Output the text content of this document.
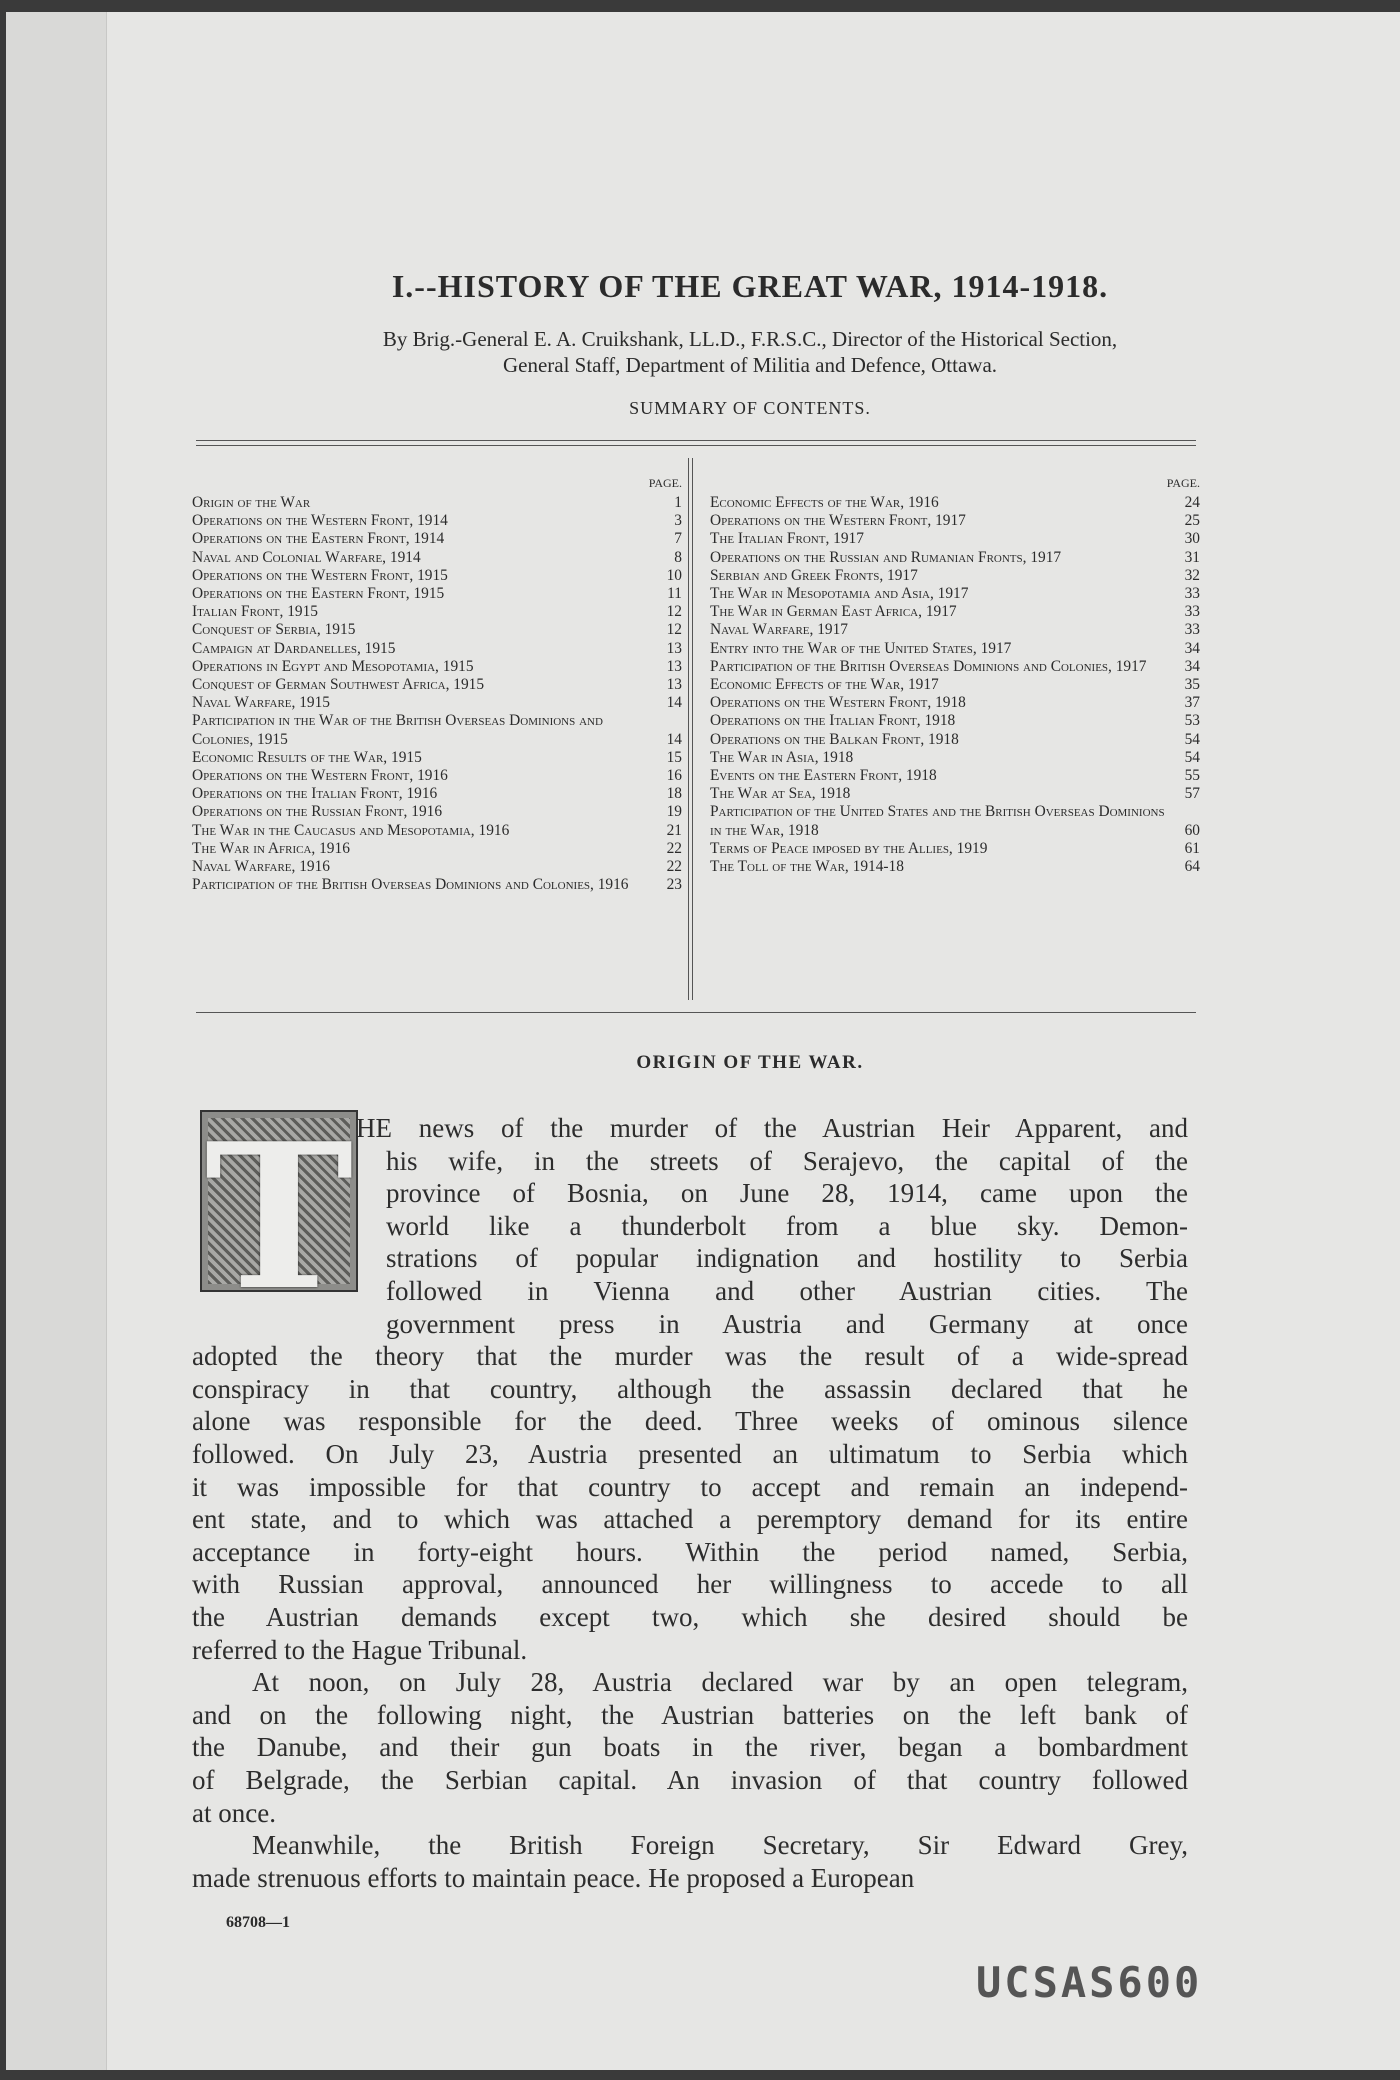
I.--HISTORY OF THE GREAT WAR, 1914-1918.
By Brig.-General E. A. Cruikshank, LL.D., F.R.S.C., Director of the Historical Section,
General Staff, Department of Militia and Defence, Ottawa.
SUMMARY OF CONTENTS.
PAGE.
Origin of the War	1
Operations on the Western Front, 1914	3
Operations on the Eastern Front, 1914	7
Naval and Colonial Warfare, 1914	8
Operations on the Western Front, 1915	10
Operations on the Eastern Front, 1915	11
Italian Front, 1915	12
Conquest of Serbia, 1915	12
Campaign at Dardanelles, 1915	13
Operations in Egypt and Mesopotamia, 1915	13
Conquest of German Southwest Africa, 1915	13
Naval Warfare, 1915	14
Participation in the War of the British Overseas Dominions and Colonies, 1915	14
Economic Results of the War, 1915	15
Operations on the Western Front, 1916	16
Operations on the Italian Front, 1916	18
Operations on the Russian Front, 1916	19
The War in the Caucasus and Mesopotamia, 1916	21
The War in Africa, 1916	22
Naval Warfare, 1916	22
Participation of the British Overseas Dominions and Colonies, 1916	23
PAGE.
Economic Effects of the War, 1916	24
Operations on the Western Front, 1917	25
The Italian Front, 1917	30
Operations on the Russian and Rumanian Fronts, 1917	31
Serbian and Greek Fronts, 1917	32
The War in Mesopotamia and Asia, 1917	33
The War in German East Africa, 1917	33
Naval Warfare, 1917	33
Entry into the War of the United States, 1917	34
Participation of the British Overseas Dominions and Colonies, 1917	34
Economic Effects of the War, 1917	35
Operations on the Western Front, 1918	37
Operations on the Italian Front, 1918	53
Operations on the Balkan Front, 1918	54
The War in Asia, 1918	54
Events on the Eastern Front, 1918	55
The War at Sea, 1918	57
Participation of the United States and the British Overseas Dominions in the War, 1918	60
Terms of Peace imposed by the Allies, 1919	61
The Toll of the War, 1914-18	64
ORIGIN OF THE WAR.
T HE news of the murder of the Austrian Heir Apparent, and
his wife, in the streets of Serajevo, the capital of the
province of Bosnia, on June 28, 1914, came upon the
world like a thunderbolt from a blue sky. Demon-
strations of popular indignation and hostility to Serbia
followed in Vienna and other Austrian cities. The
government press in Austria and Germany at once
adopted the theory that the murder was the result of a wide-spread
conspiracy in that country, although the assassin declared that he
alone was responsible for the deed. Three weeks of ominous silence
followed. On July 23, Austria presented an ultimatum to Serbia which
it was impossible for that country to accept and remain an independ-
ent state, and to which was attached a peremptory demand for its entire
acceptance in forty-eight hours. Within the period named, Serbia,
with Russian approval, announced her willingness to accede to all
the Austrian demands except two, which she desired should be
referred to the Hague Tribunal.
At noon, on July 28, Austria declared war by an open telegram,
and on the following night, the Austrian batteries on the left bank of
the Danube, and their gun boats in the river, began a bombardment
of Belgrade, the Serbian capital. An invasion of that country followed
at once.
Meanwhile, the British Foreign Secretary, Sir Edward Grey,
made strenuous efforts to maintain peace. He proposed a European
68708—1
UCSAS600
